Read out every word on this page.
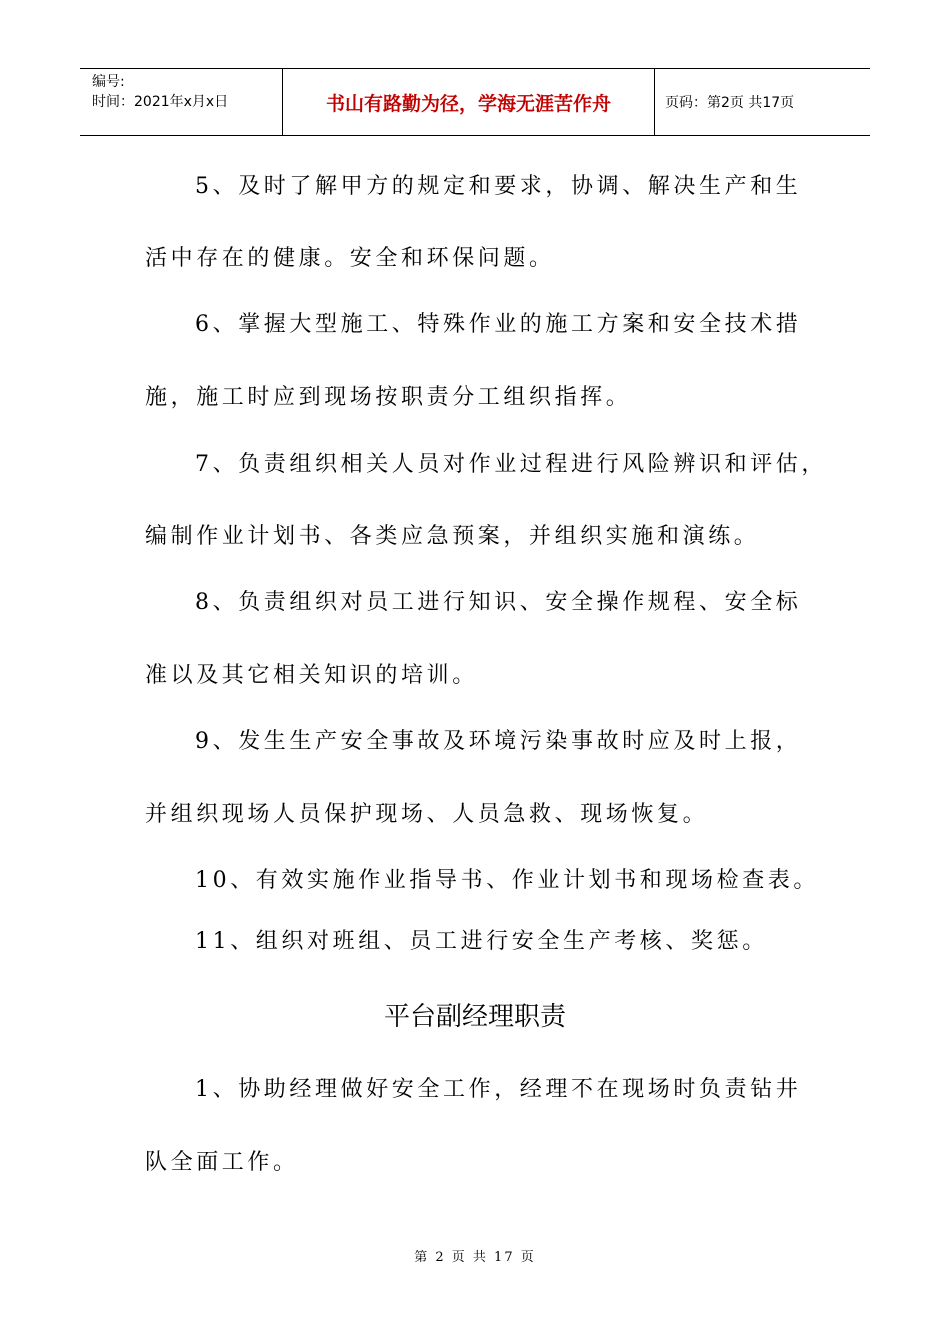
编号:
时间：2021年x月x日	书山有路勤为径，学海无涯苦作舟	页码：第2页 共17页
5、及时了解甲方的规定和要求，协调、解决生产和生
活中存在的健康。安全和环保问题。
6、掌握大型施工、特殊作业的施工方案和安全技术措
施，施工时应到现场按职责分工组织指挥。
7、负责组织相关人员对作业过程进行风险辨识和评估，
编制作业计划书、各类应急预案，并组织实施和演练。
8、负责组织对员工进行知识、安全操作规程、安全标
准以及其它相关知识的培训。
9、发生生产安全事故及环境污染事故时应及时上报，
并组织现场人员保护现场、人员急救、现场恢复。
10、有效实施作业指导书、作业计划书和现场检查表。
11、组织对班组、员工进行安全生产考核、奖惩。
平台副经理职责
1、协助经理做好安全工作，经理不在现场时负责钻井
队全面工作。
第 2 页 共 17 页
